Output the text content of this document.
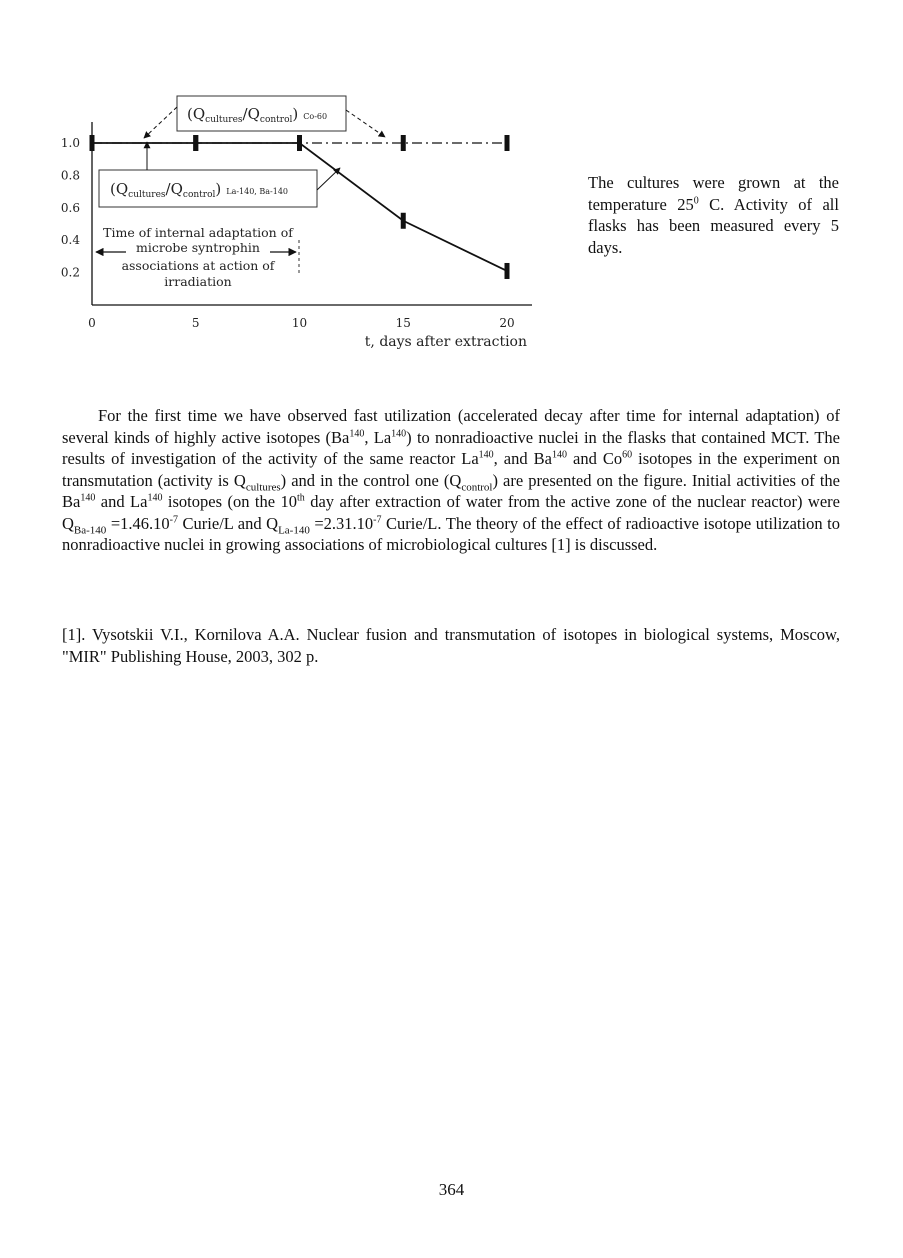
0.2
0.4
0.6
0.8
1.0
0	5	10	15	20
t, days after extraction
$(Q_{cultures}/Q_{control})$ Co-60
$(Q_{cultures}/Q_{control})$ La-140, Ba-140
Time of internal adaptation of
microbe syntrophin
associations at action of
irradiation
The cultures were grown at the temperature $25^0$ C. Activity of all flasks has been measured every 5 days.

For the first time we have observed fast utilization (accelerated decay after time for internal adaptation) of several kinds of highly active isotopes (Ba$^{140}$, La$^{140}$) to nonradioactive nuclei in the flasks that contained MCT. The results of investigation of the activity of the same reactor La$^{140}$, and Ba$^{140}$ and Co$^{60}$ isotopes in the experiment on transmutation (activity is $Q_{cultures}$) and in the control one $(Q_{control})$ are presented on the figure. Initial activities of the Ba$^{140}$ and La$^{140}$ isotopes (on the 10th day after extraction of water from the active zone of the nuclear reactor) were $Q_{Ba-140} =1.46.10^{-7}$ Curie/L and $Q_{La-140} =2.31.10^{-7}$ Curie/L. The theory of the effect of radioactive isotope utilization to nonradioactive nuclei in growing associations of microbiological cultures [1] is discussed.

[1]. Vysotskii V.I., Kornilova A.A. Nuclear fusion and transmutation of isotopes in biological systems, Moscow, "MIR" Publishing House, 2003, 302 p.
364
